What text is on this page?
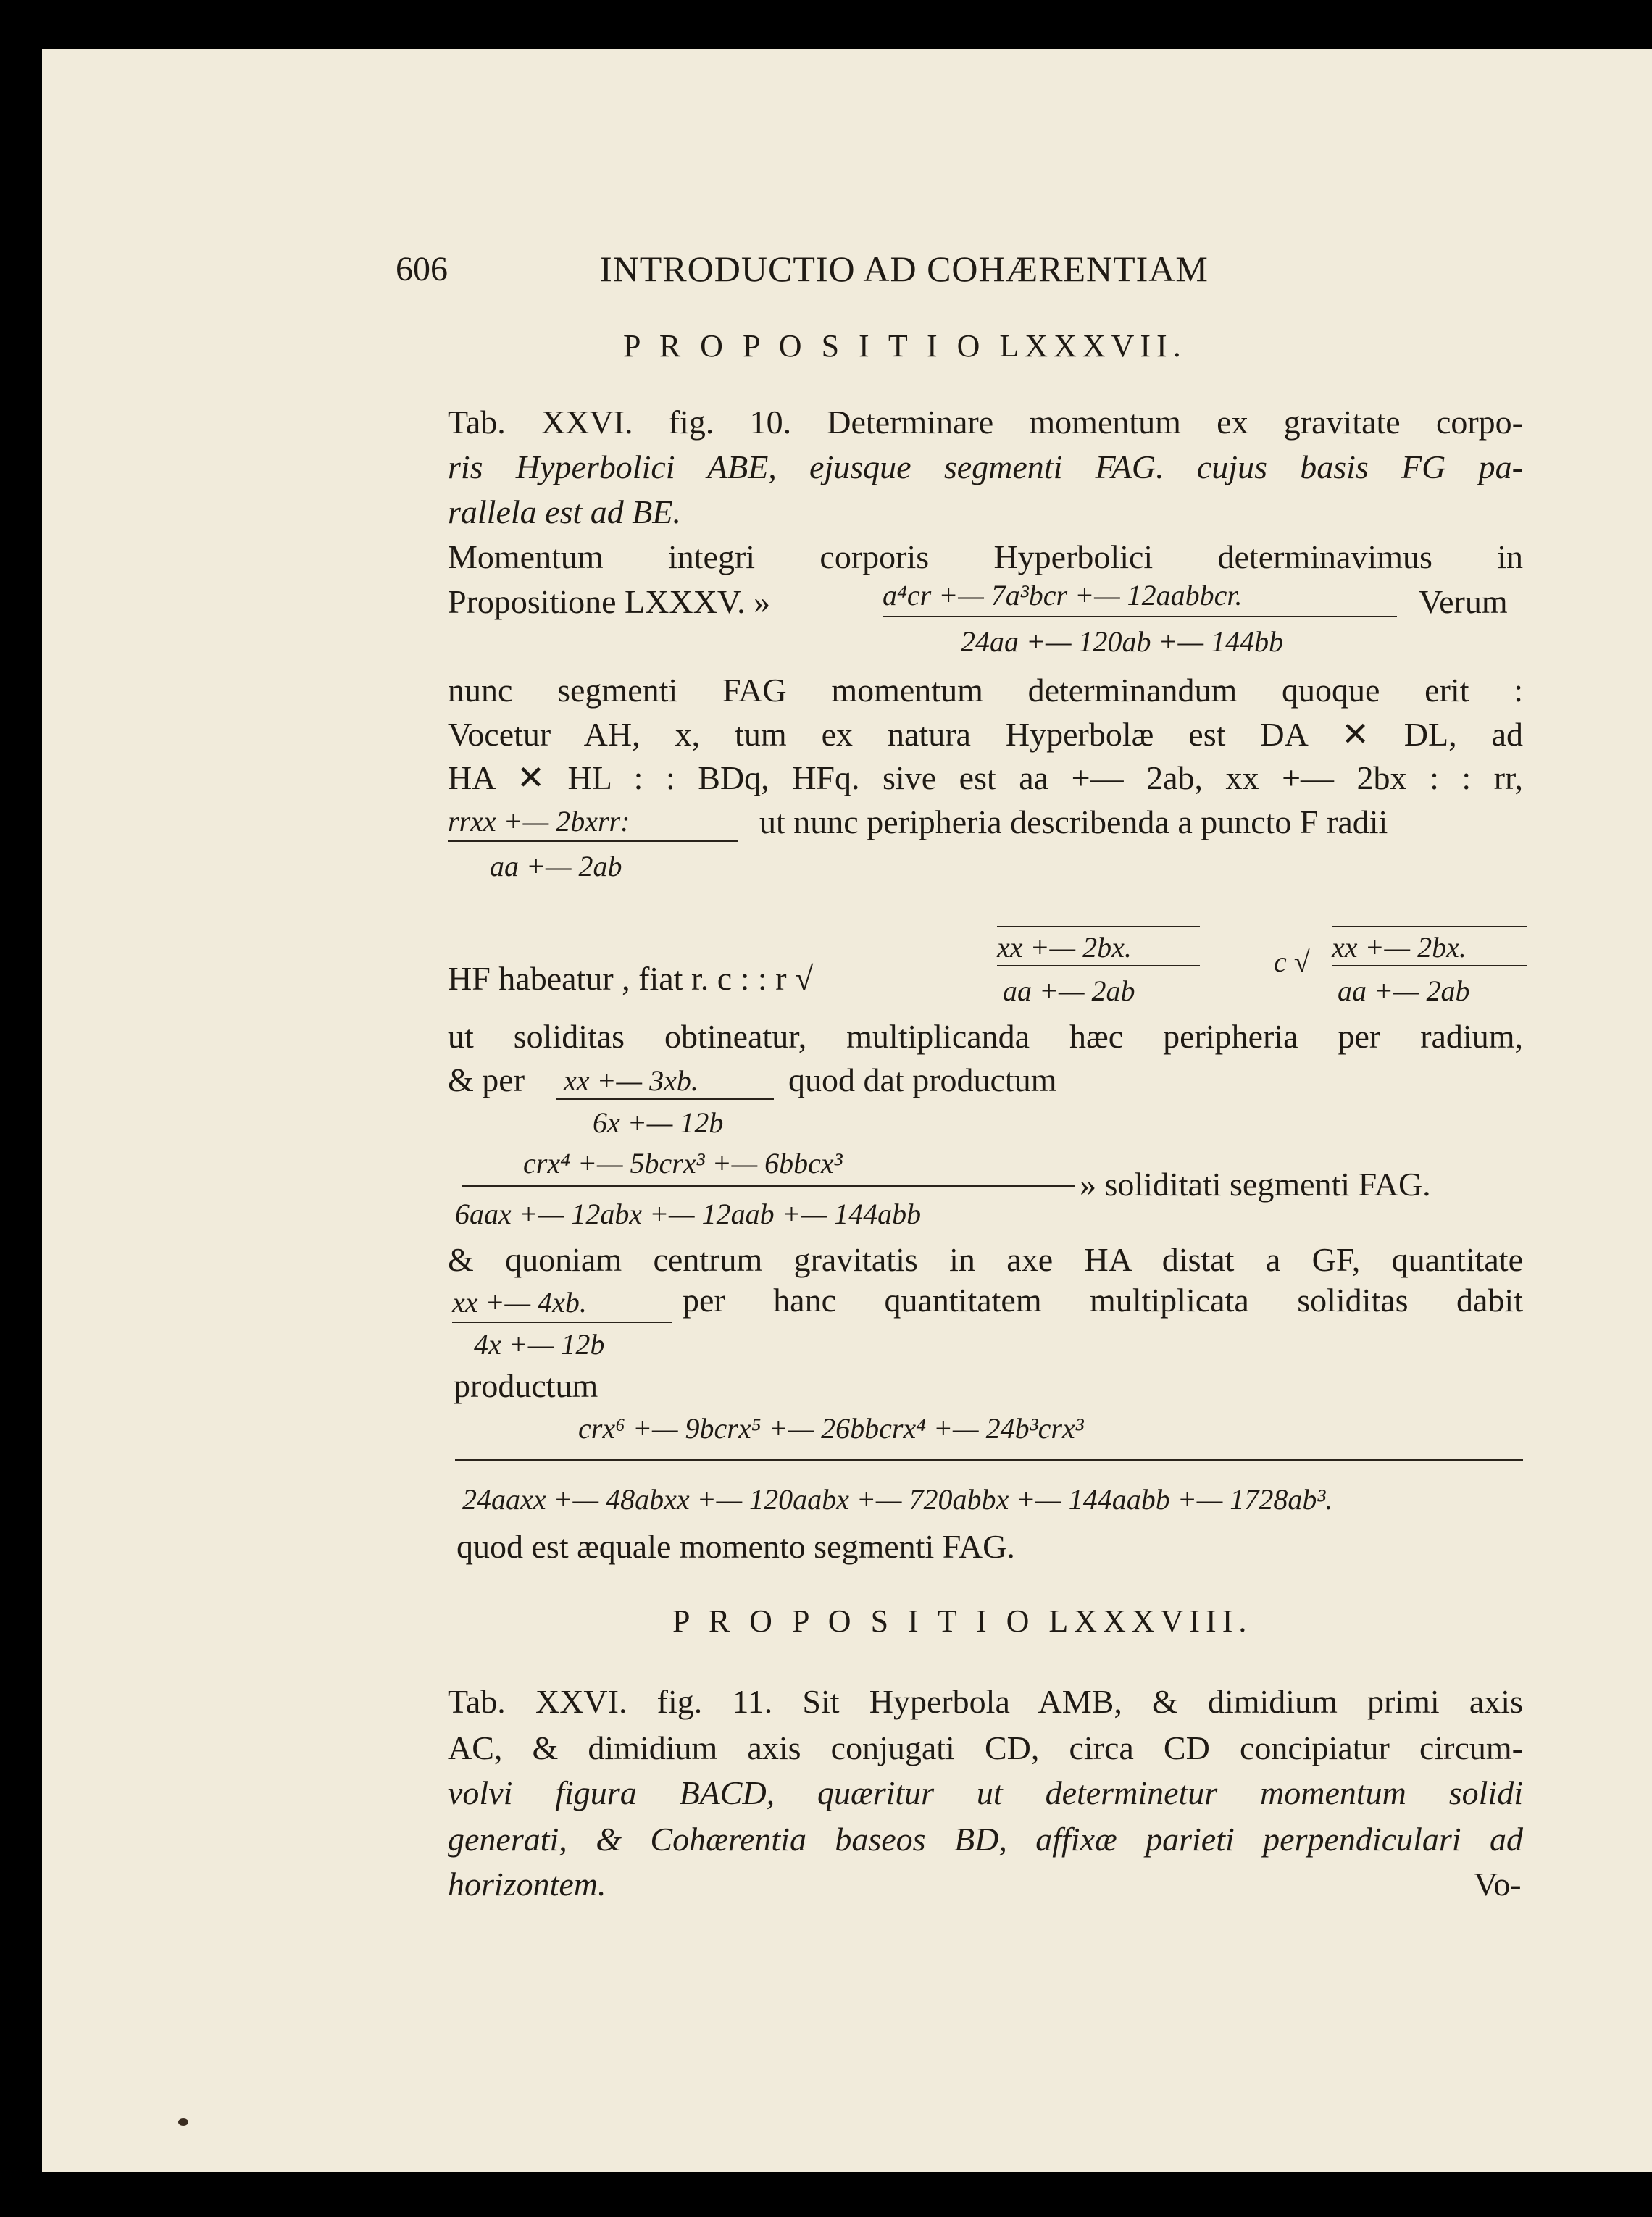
606	INTRODUCTIO AD COHÆRENTIAM
P R O P O S I T I O LXXXVII.
Tab. XXVI. fig. 10. Determinare momentum ex gravitate corpo-
ris Hyperbolici ABE, ejusque segmenti FAG. cujus basis FG pa-
rallela est ad BE.
Momentum integri corporis Hyperbolici determinavimus in
Propositione LXXXV. »	a⁴cr +— 7a³bcr +— 12aabbcr.	Verum
24aa +— 120ab +— 144bb
nunc segmenti FAG momentum determinandum quoque erit :
Vocetur AH, x, tum ex natura Hyperbolæ est DA ✕ DL, ad
HA ✕ HL : : BDq, HFq. sive est aa +— 2ab, xx +— 2bx : : rr,
rrxx +— 2bxrr:	ut nunc peripheria describenda a puncto F radii
aa +— 2ab
HF habeatur , fiat r. c : : r √
xx +— 2bx.
aa +— 2ab
c √ xx +— 2bx.
aa +— 2ab
ut soliditas obtineatur, multiplicanda hæc peripheria per radium,
& per xx +— 3xb.	quod dat productum
6x +— 12b
crx⁴ +— 5bcrx³ +— 6bbcx³
6aax +— 12abx +— 12aab +— 144abb
» soliditati segmenti FAG.
& quoniam centrum gravitatis in axe HA distat a GF, quantitate
xx +— 4xb.	per hanc quantitatem multiplicata soliditas dabit
4x +— 12b
productum
crx⁶ +— 9bcrx⁵ +— 26bbcrx⁴ +— 24b³crx³
24aaxx +— 48abxx +— 120aabx +— 720abbx +— 144aabb +— 1728ab³.
quod est æquale momento segmenti FAG.
P R O P O S I T I O LXXXVIII.
Tab. XXVI. fig. 11. Sit Hyperbola AMB, & dimidium primi axis
AC, & dimidium axis conjugati CD, circa CD concipiatur circum-
volvi figura BACD, quæritur ut determinetur momentum solidi
generati, & Cohærentia baseos BD, affixæ parieti perpendiculari ad
horizontem.	Vo-
